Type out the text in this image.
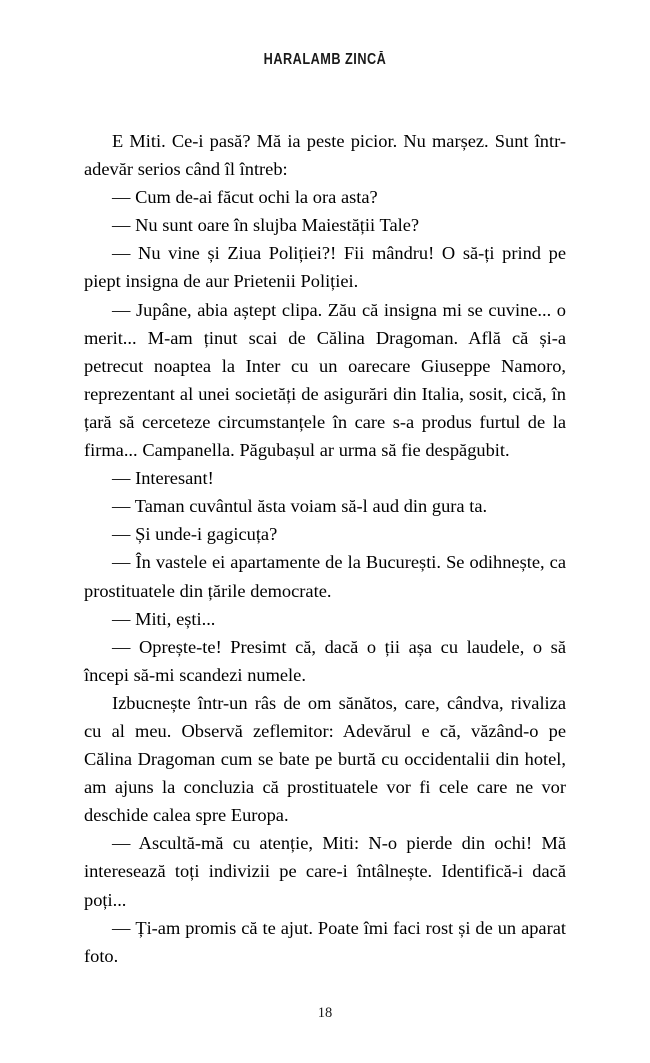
HARALAMB ZINCĂ

E Miti. Ce-i pasă? Mă ia peste picior. Nu marșez. Sunt într-adevăr serios când îl întreb:

— Cum de-ai făcut ochi la ora asta?

— Nu sunt oare în slujba Maiestății Tale?

— Nu vine și Ziua Poliției?! Fii mândru! O să-ți prind pe piept insigna de aur Prietenii Poliției.

— Jupâne, abia aștept clipa. Zău că insigna mi se cuvine... o merit... M-am ținut scai de Călina Dragoman. Află că și-a petrecut noaptea la Inter cu un oarecare Giuseppe Namoro, reprezentant al unei societăți de asigurări din Italia, sosit, cică, în țară să cerceteze circumstanțele în care s-a produs furtul de la firma... Campanella. Păgubașul ar urma să fie despăgubit.

— Interesant!

— Taman cuvântul ăsta voiam să-l aud din gura ta.

— Și unde-i gagicuța?

— În vastele ei apartamente de la București. Se odihnește, ca prostituatele din țările democrate.

— Miti, ești...

— Oprește-te! Presimt că, dacă o ții așa cu laudele, o să începi să-mi scandezi numele.

Izbucnește într-un râs de om sănătos, care, cândva, rivaliza cu al meu. Observă zeflemitor: Adevărul e că, văzând-o pe Călina Dragoman cum se bate pe burtă cu occidentalii din hotel, am ajuns la concluzia că prostituatele vor fi cele care ne vor deschide calea spre Europa.

— Ascultă-mă cu atenție, Miti: N-o pierde din ochi! Mă interesează toți indivizii pe care-i întâlnește. Identifică-i dacă poți...

— Ți-am promis că te ajut. Poate îmi faci rost și de un aparat foto.

18
